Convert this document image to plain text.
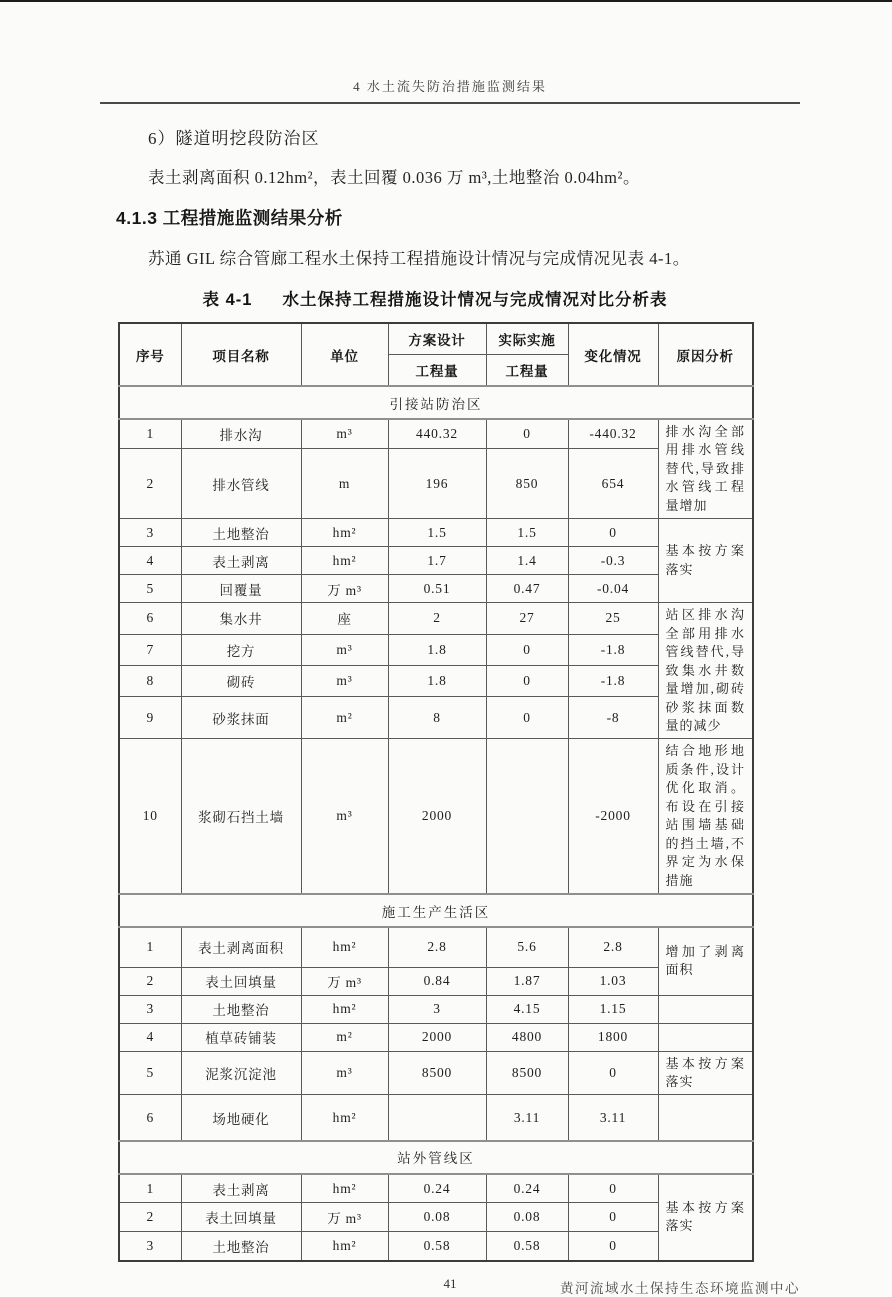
4 水土流失防治措施监测结果
6）隧道明挖段防治区
表土剥离面积 0.12hm²，表土回覆 0.036 万 m³,土地整治 0.04hm²。
4.1.3 工程措施监测结果分析
苏通 GIL 综合管廊工程水土保持工程措施设计情况与完成情况见表 4-1。
表 4-1 水土保持工程措施设计情况与完成情况对比分析表
序号	项目名称	单位	方案设计	实际实施	变化情况	原因分析
			工程量	工程量		
引接站防治区						
1	排水沟	m³	440.32	0	-440.32	排水沟全部用排水管线替代,导致排水管线工程量增加
2	排水管线	m	196	850	654	
3	土地整治	hm²	1.5	1.5	0	基本按方案落实
4	表土剥离	hm²	1.7	1.4	-0.3	
5	回覆量	万 m³	0.51	0.47	-0.04	
6	集水井	座	2	27	25	站区排水沟全部用排水管线替代,导致集水井数量增加,砌砖砂浆抹面数量的减少
7	挖方	m³	1.8	0	-1.8	
8	砌砖	m³	1.8	0	-1.8	
9	砂浆抹面	m²	8	0	-8	
10	浆砌石挡土墙	m³	2000		-2000	结合地形地质条件,设计优化取消。布设在引接站围墙基础的挡土墙,不界定为水保措施
施工生产生活区						
1	表土剥离面积	hm²	2.8	5.6	2.8	增加了剥离面积
2	表土回填量	万 m³	0.84	1.87	1.03	
3	土地整治	hm²	3	4.15	1.15	
4	植草砖铺装	m²	2000	4800	1800	
5	泥浆沉淀池	m³	8500	8500	0	基本按方案落实
6	场地硬化	hm²		3.11	3.11	
站外管线区						
1	表土剥离	hm²	0.24	0.24	0	基本按方案落实
2	表土回填量	万 m³	0.08	0.08	0	
3	土地整治	hm²	0.58	0.58	0	
41	黄河流域水土保持生态环境监测中心
